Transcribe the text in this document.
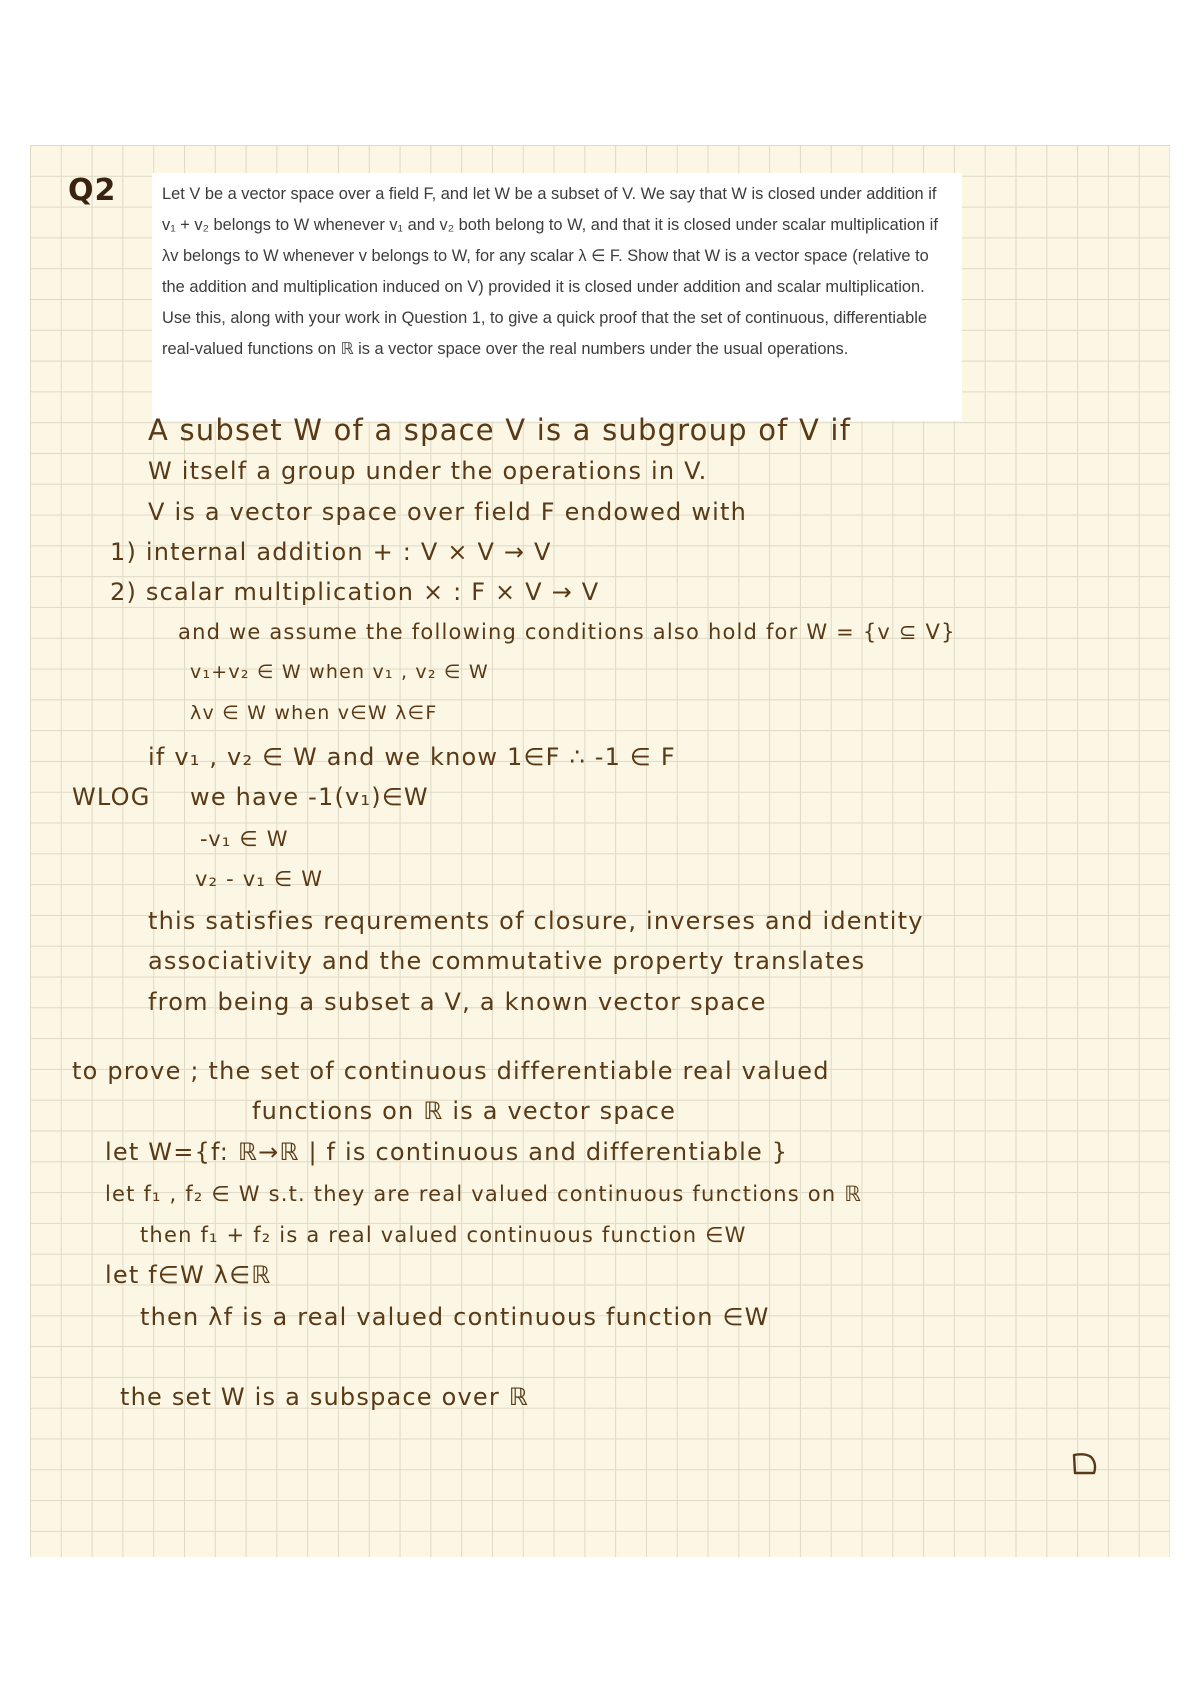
Q2	Let V be a vector space over a field F, and let W be a subset of V. We say that W is closed under addition if v₁ + v₂ belongs to W whenever v₁ and v₂ both belong to W, and that it is closed under scalar multiplication if λv belongs to W whenever v belongs to W, for any scalar λ ∈ F. Show that W is a vector space (relative to the addition and multiplication induced on V) provided it is closed under addition and scalar multiplication. Use this, along with your work in Question 1, to give a quick proof that the set of continuous, differentiable real-valued functions on ℝ is a vector space over the real numbers under the usual operations.

A subset W of a space V is a subgroup of V if
W itself a group under the operations in V.
V is a vector space over field F endowed with
1) internal addition + : V × V → V
2) scalar multiplication × : F × V → V
and we assume the following conditions also hold for W = {v ⊆ V}
v₁+v₂ ∈ W when v₁ , v₂ ∈ W
λv ∈ W when v∈W λ∈F
if v₁ , v₂ ∈ W and we know 1∈F ∴ -1 ∈ F
WLOG we have -1(v₁)∈W
-v₁ ∈ W
v₂ - v₁ ∈ W
this satisfies requrements of closure, inverses and identity
associativity and the commutative property translates
from being a subset a V, a known vector space
to prove ; the set of continuous differentiable real valued
functions on ℝ is a vector space
let W={f: ℝ→ℝ | f is continuous and differentiable }
let f₁ , f₂ ∈ W s.t. they are real valued continuous functions on ℝ
then f₁ + f₂ is a real valued continuous function ∈W
let f∈W λ∈ℝ
then λf is a real valued continuous function ∈W
the set W is a subspace over ℝ
